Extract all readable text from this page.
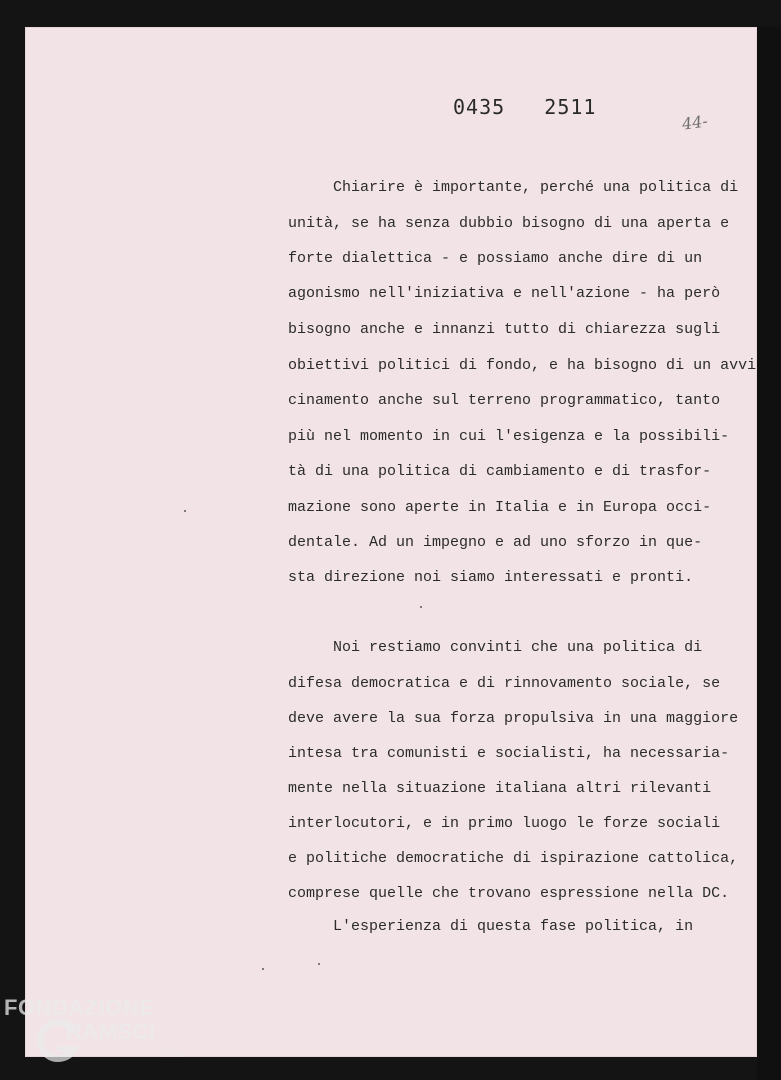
0435   2511
44-
Chiarire è importante, perché una politica di
unità, se ha senza dubbio bisogno di una aperta e
forte dialettica - e possiamo anche dire di un
agonismo nell'iniziativa e nell'azione - ha però
bisogno anche e innanzi tutto di chiarezza sugli
obiettivi politici di fondo, e ha bisogno di un avvi
cinamento anche sul terreno programmatico, tanto
più nel momento in cui l'esigenza e la possibili-
tà di una politica di cambiamento e di trasfor-
mazione sono aperte in Italia e in Europa occi-
dentale. Ad un impegno e ad uno sforzo in que-
sta direzione noi siamo interessati e pronti.
Noi restiamo convinti che una politica di
difesa democratica e di rinnovamento sociale, se
deve avere la sua forza propulsiva in una maggiore
intesa tra comunisti e socialisti, ha necessaria-
mente nella situazione italiana altri rilevanti
interlocutori, e in primo luogo le forze sociali
e politiche democratiche di ispirazione cattolica,
comprese quelle che trovano espressione nella DC.
L'esperienza di questa fase politica, in
FONDAZIONE
RAMSCI
onlus
